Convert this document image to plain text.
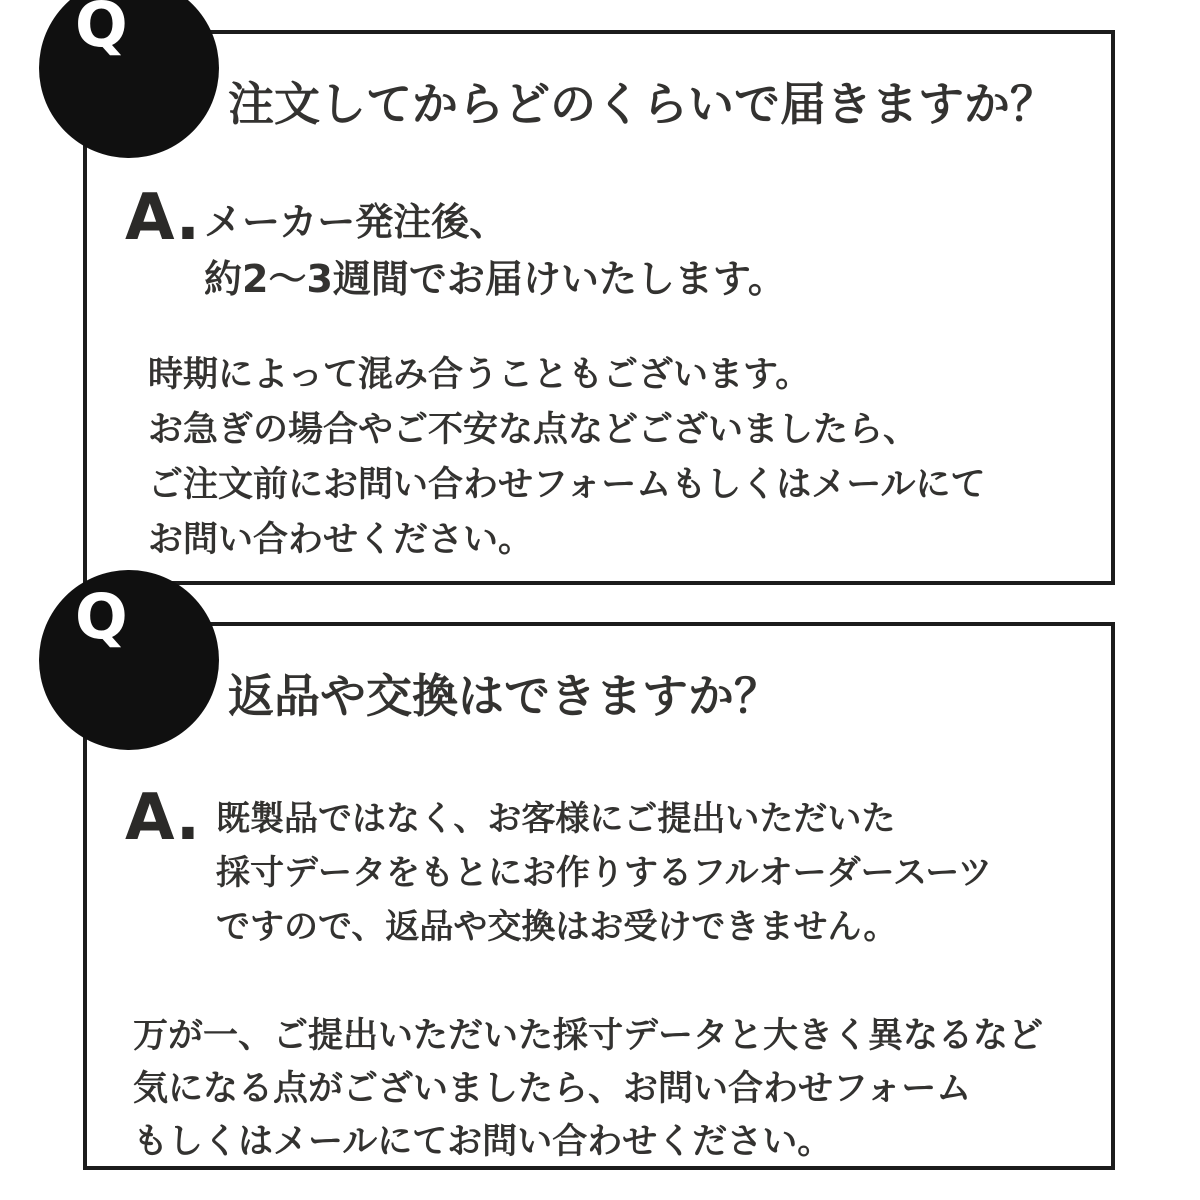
Q
注文してからどのくらいで届きますか？
A. メーカー発注後、
約2〜3週間でお届けいたします。
時期によって混み合うこともございます。
お急ぎの場合やご不安な点などございましたら、
ご注文前にお問い合わせフォームもしくはメールにて
お問い合わせください。
Q
返品や交換はできますか？
A. 既製品ではなく、お客様にご提出いただいた
採寸データをもとにお作りするフルオーダースーツ
ですので、返品や交換はお受けできません。
万が一、ご提出いただいた採寸データと大きく異なるなど
気になる点がございましたら、お問い合わせフォーム
もしくはメールにてお問い合わせください。
